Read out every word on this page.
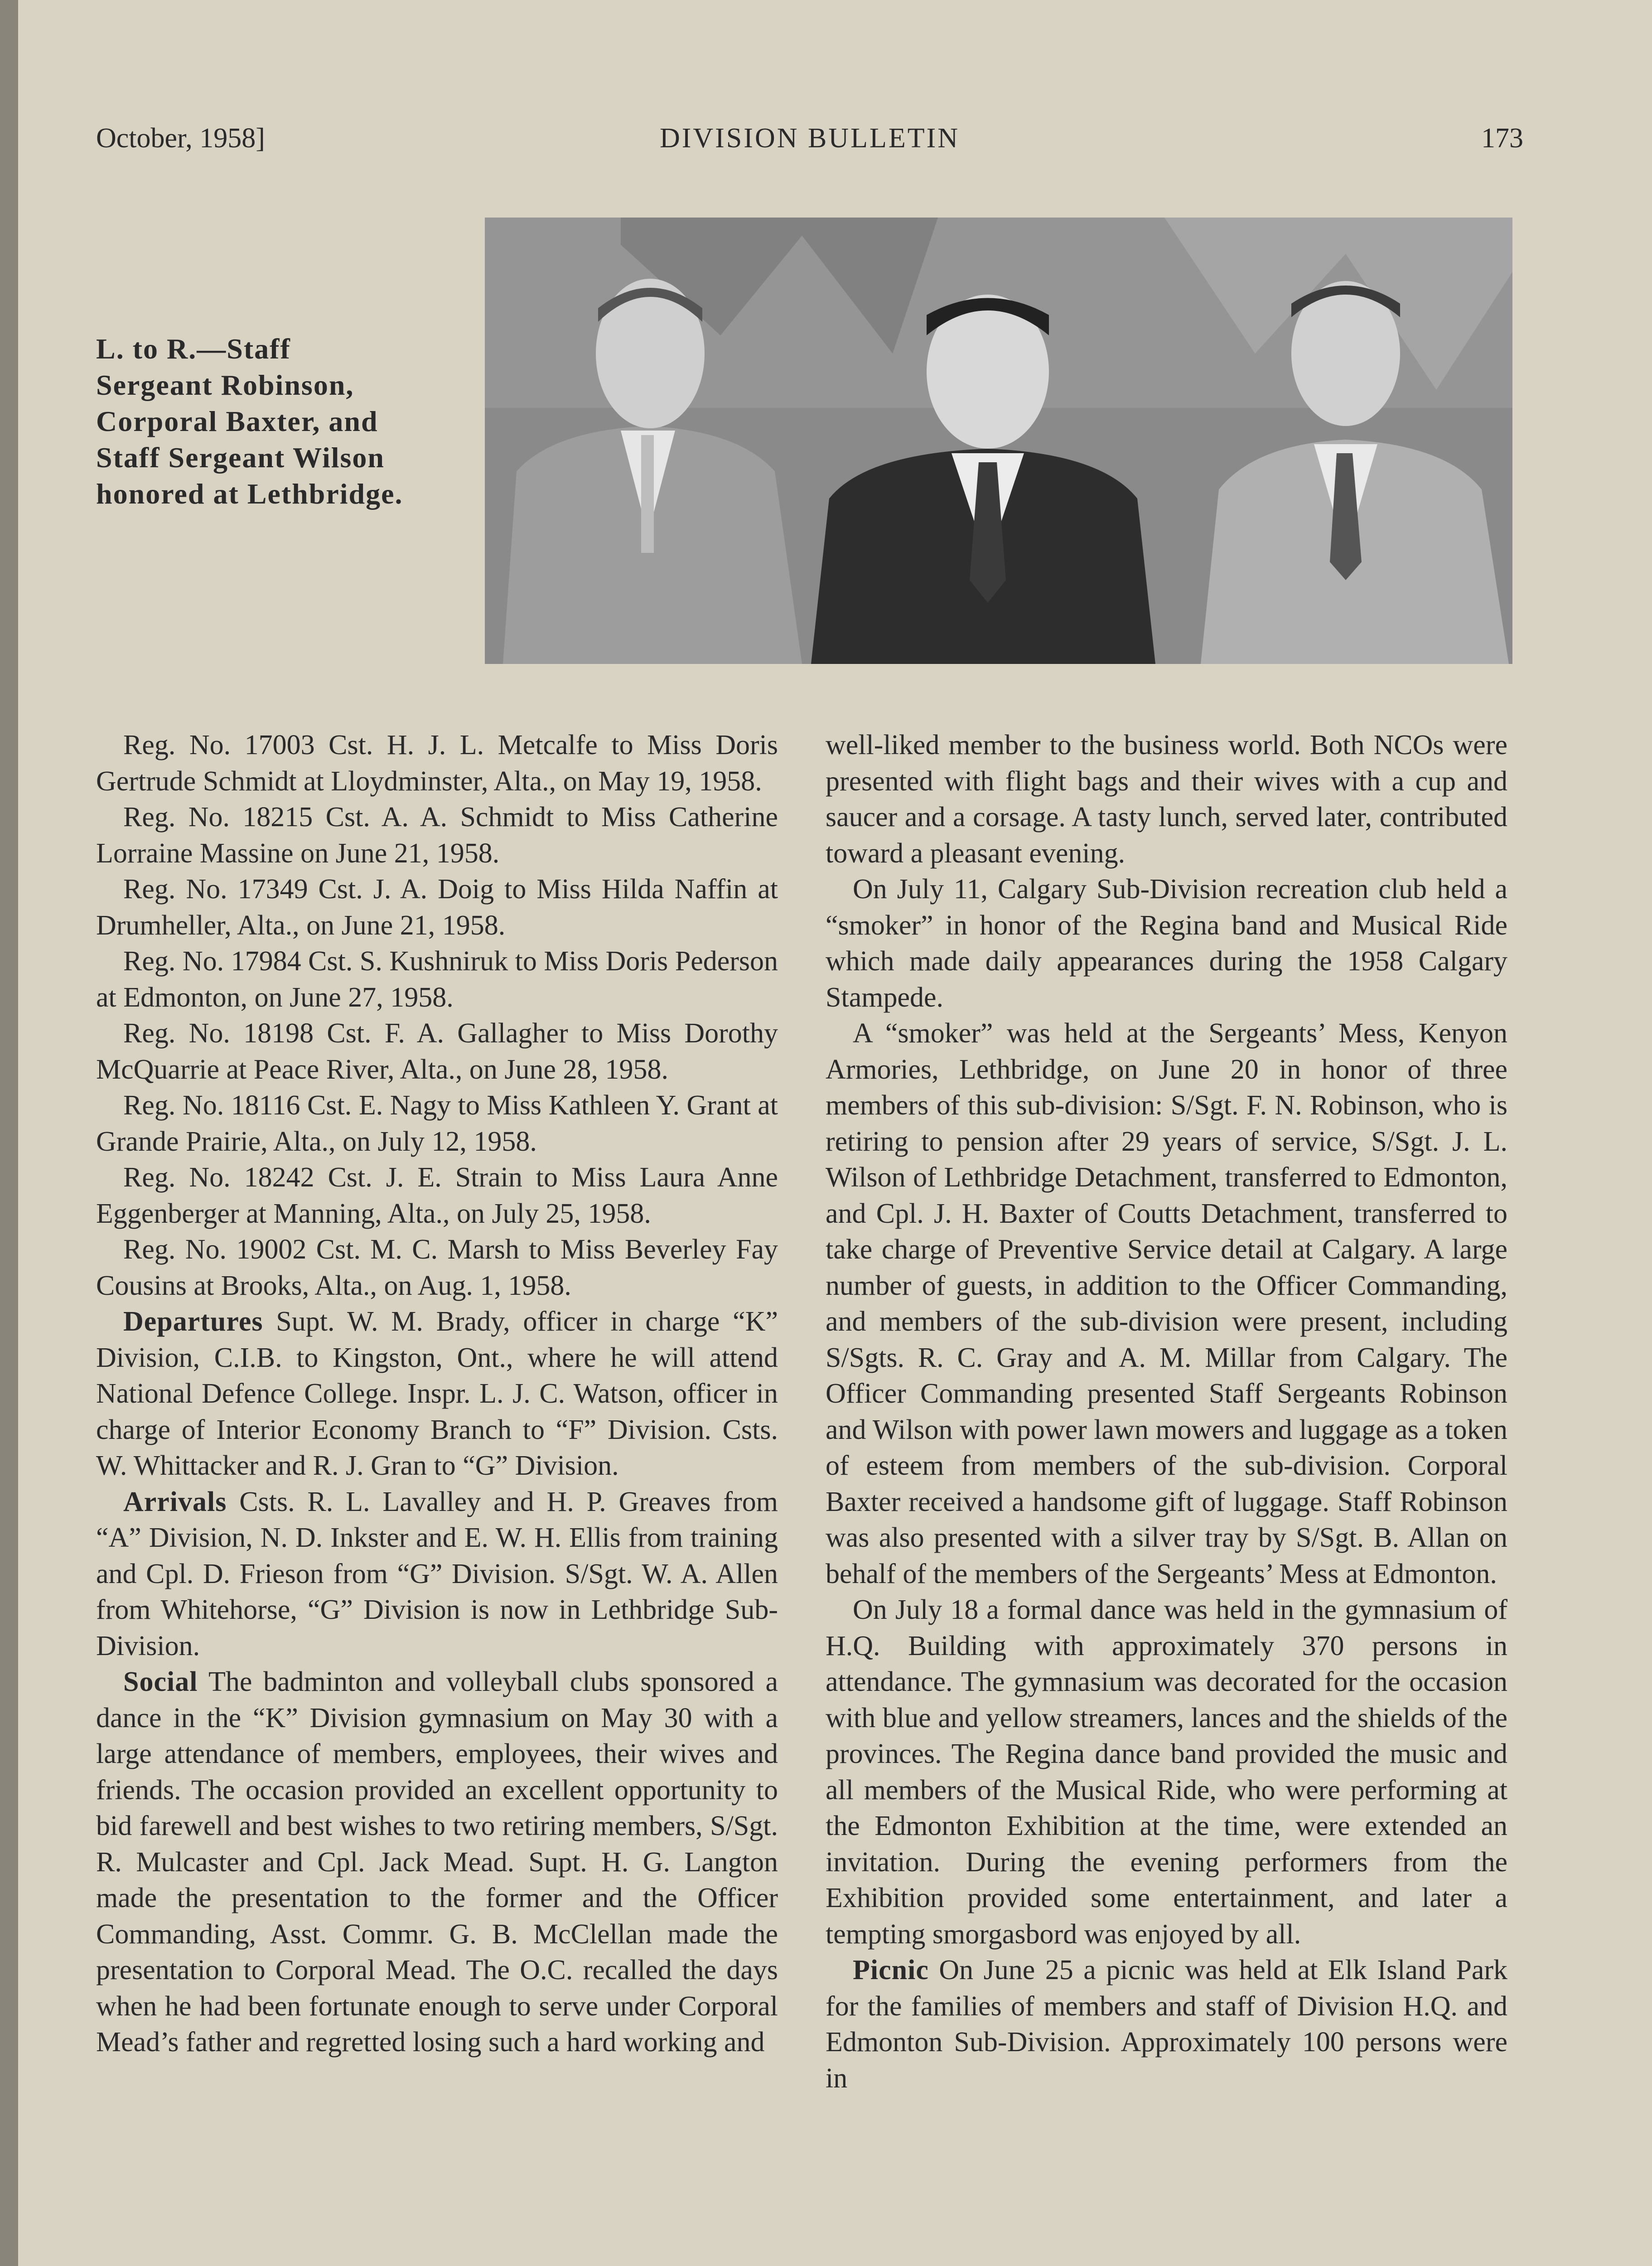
October, 1958]	DIVISION BULLETIN	173
L. to R.—Staff Sergeant Robinson, Corporal Baxter, and Staff Sergeant Wilson honored at Lethbridge.

Reg. No. 17003 Cst. H. J. L. Metcalfe to Miss Doris Gertrude Schmidt at Lloydminster, Alta., on May 19, 1958.

Reg. No. 18215 Cst. A. A. Schmidt to Miss Catherine Lorraine Massine on June 21, 1958.

Reg. No. 17349 Cst. J. A. Doig to Miss Hilda Naffin at Drumheller, Alta., on June 21, 1958.

Reg. No. 17984 Cst. S. Kushniruk to Miss Doris Pederson at Edmonton, on June 27, 1958.

Reg. No. 18198 Cst. F. A. Gallagher to Miss Dorothy McQuarrie at Peace River, Alta., on June 28, 1958.

Reg. No. 18116 Cst. E. Nagy to Miss Kathleen Y. Grant at Grande Prairie, Alta., on July 12, 1958.

Reg. No. 18242 Cst. J. E. Strain to Miss Laura Anne Eggenberger at Manning, Alta., on July 25, 1958.

Reg. No. 19002 Cst. M. C. Marsh to Miss Beverley Fay Cousins at Brooks, Alta., on Aug. 1, 1958.

Departures Supt. W. M. Brady, officer in charge “K” Division, C.I.B. to Kingston, Ont., where he will attend National Defence College. Inspr. L. J. C. Watson, officer in charge of Interior Economy Branch to “F” Division. Csts. W. Whittacker and R. J. Gran to “G” Division.

Arrivals Csts. R. L. Lavalley and H. P. Greaves from “A” Division, N. D. Inkster and E. W. H. Ellis from training and Cpl. D. Frieson from “G” Division. S/Sgt. W. A. Allen from Whitehorse, “G” Division is now in Lethbridge Sub-Division.

Social The badminton and volleyball clubs sponsored a dance in the “K” Division gymnasium on May 30 with a large attendance of members, employees, their wives and friends. The occasion provided an excellent opportunity to bid farewell and best wishes to two retiring members, S/Sgt. R. Mulcaster and Cpl. Jack Mead. Supt. H. G. Langton made the presentation to the former and the Officer Commanding, Asst. Commr. G. B. McClellan made the presentation to Corporal Mead. The O.C. recalled the days when he had been fortunate enough to serve under Corporal Mead’s father and regretted losing such a hard working and

well-liked member to the business world. Both NCOs were presented with flight bags and their wives with a cup and saucer and a corsage. A tasty lunch, served later, contributed toward a pleasant evening.

On July 11, Calgary Sub-Division recreation club held a “smoker” in honor of the Regina band and Musical Ride which made daily appearances during the 1958 Calgary Stampede.

A “smoker” was held at the Sergeants’ Mess, Kenyon Armories, Lethbridge, on June 20 in honor of three members of this sub-division: S/Sgt. F. N. Robinson, who is retiring to pension after 29 years of service, S/Sgt. J. L. Wilson of Lethbridge Detachment, transferred to Edmonton, and Cpl. J. H. Baxter of Coutts Detachment, transferred to take charge of Preventive Service detail at Calgary. A large number of guests, in addition to the Officer Commanding, and members of the sub-division were present, including S/Sgts. R. C. Gray and A. M. Millar from Calgary. The Officer Commanding presented Staff Sergeants Robinson and Wilson with power lawn mowers and luggage as a token of esteem from members of the sub-division. Corporal Baxter received a handsome gift of luggage. Staff Robinson was also presented with a silver tray by S/Sgt. B. Allan on behalf of the members of the Sergeants’ Mess at Edmonton.

On July 18 a formal dance was held in the gymnasium of H.Q. Building with approximately 370 persons in attendance. The gymnasium was decorated for the occasion with blue and yellow streamers, lances and the shields of the provinces. The Regina dance band provided the music and all members of the Musical Ride, who were performing at the Edmonton Exhibition at the time, were extended an invitation. During the evening performers from the Exhibition provided some entertainment, and later a tempting smorgasbord was enjoyed by all.

Picnic On June 25 a picnic was held at Elk Island Park for the families of members and staff of Division H.Q. and Edmonton Sub-Division. Approximately 100 persons were in
